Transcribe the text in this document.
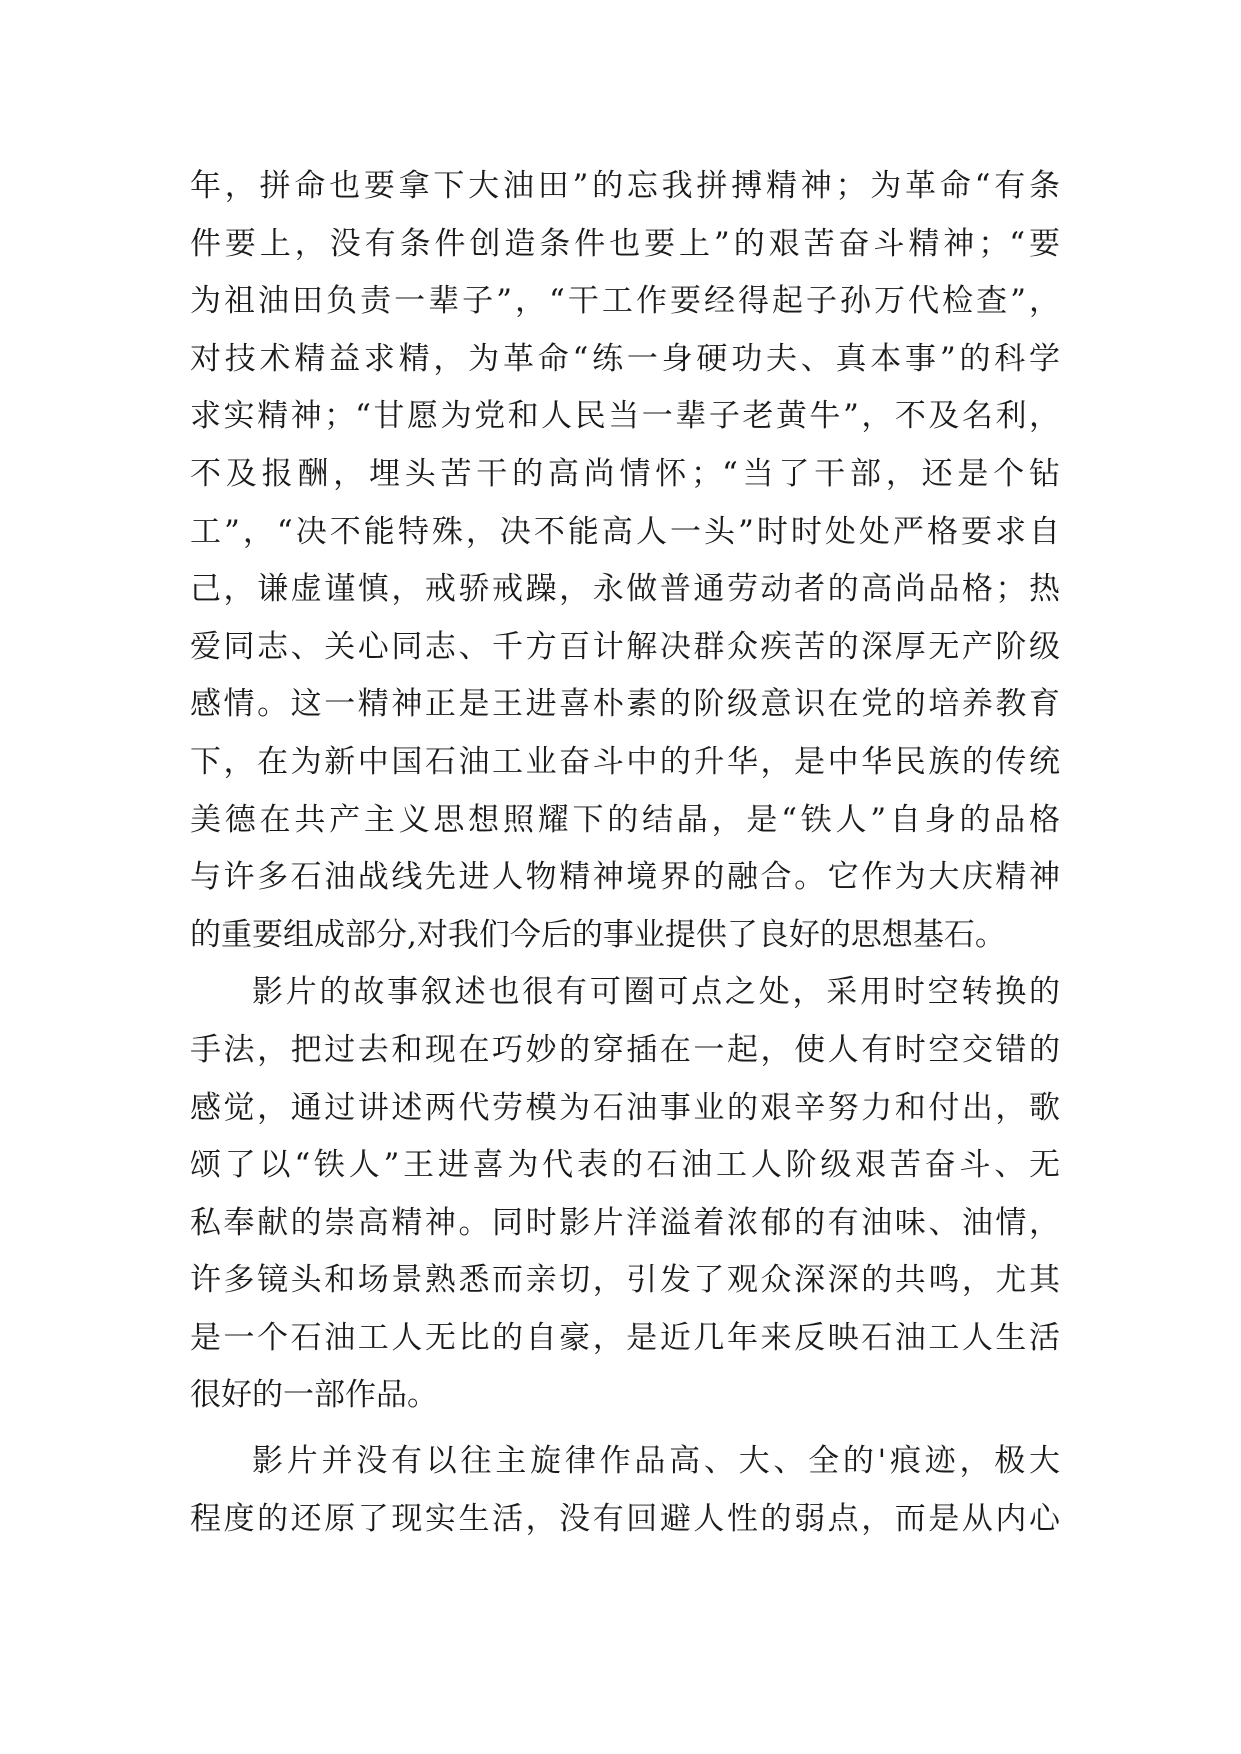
年，拼命也要拿下大油田”的忘我拼搏精神；为革命“有条
件要上，没有条件创造条件也要上”的艰苦奋斗精神；“要
为祖油田负责一辈子”，“干工作要经得起子孙万代检查”，
对技术精益求精，为革命“练一身硬功夫、真本事”的科学
求实精神；“甘愿为党和人民当一辈子老黄牛”，不及名利，
不及报酬，埋头苦干的高尚情怀；“当了干部，还是个钻
工”，“决不能特殊，决不能高人一头”时时处处严格要求自
己，谦虚谨慎，戒骄戒躁，永做普通劳动者的高尚品格；热
爱同志、关心同志、千方百计解决群众疾苦的深厚无产阶级
感情。这一精神正是王进喜朴素的阶级意识在党的培养教育
下，在为新中国石油工业奋斗中的升华，是中华民族的传统
美德在共产主义思想照耀下的结晶，是“铁人”自身的品格
与许多石油战线先进人物精神境界的融合。它作为大庆精神
的重要组成部分,对我们今后的事业提供了良好的思想基石。
影片的故事叙述也很有可圈可点之处，采用时空转换的
手法，把过去和现在巧妙的穿插在一起，使人有时空交错的
感觉，通过讲述两代劳模为石油事业的艰辛努力和付出，歌
颂了以“铁人”王进喜为代表的石油工人阶级艰苦奋斗、无
私奉献的崇高精神。同时影片洋溢着浓郁的有油味、油情，
许多镜头和场景熟悉而亲切，引发了观众深深的共鸣，尤其
是一个石油工人无比的自豪，是近几年来反映石油工人生活
很好的一部作品。
影片并没有以往主旋律作品高、大、全的'痕迹，极大
程度的还原了现实生活，没有回避人性的弱点，而是从内心
